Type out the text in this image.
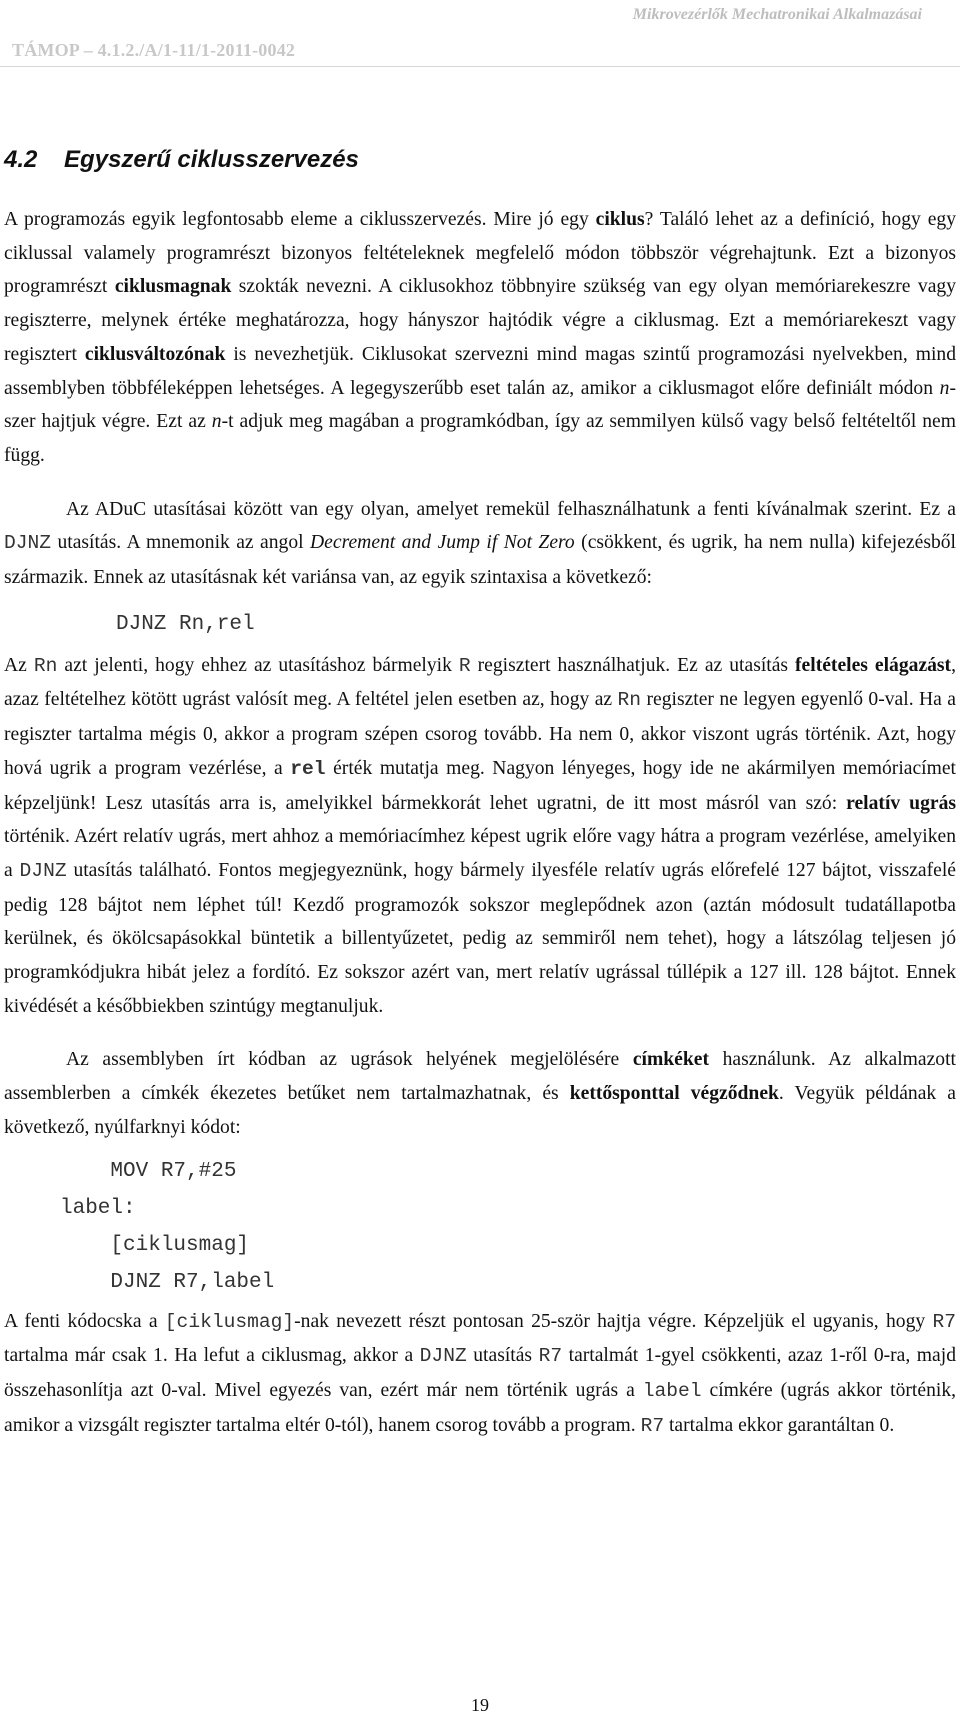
Mikrovezérlők Mechatronikai Alkalmazásai
TÁMOP – 4.1.2./A/1-11/1-2011-0042
4.2 Egyszerű ciklusszervezés

A programozás egyik legfontosabb eleme a ciklusszervezés. Mire jó egy ciklus? Találó lehet az a definíció, hogy egy ciklussal valamely programrészt bizonyos feltételeknek megfelelő módon többször végrehajtunk. Ezt a bizonyos programrészt ciklusmagnak szokták nevezni. A ciklusokhoz többnyire szükség van egy olyan memóriarekeszre vagy regiszterre, melynek értéke meghatározza, hogy hányszor hajtódik végre a ciklusmag. Ezt a memóriarekeszt vagy regisztert ciklusváltozónak is nevezhetjük. Ciklusokat szervezni mind magas szintű programozási nyelvekben, mind assemblyben többféleképpen lehetséges. A legegyszerűbb eset talán az, amikor a ciklusmagot előre definiált módon n-szer hajtjuk végre. Ezt az n-t adjuk meg magában a programkódban, így az semmilyen külső vagy belső feltételtől nem függ.

Az ADuC utasításai között van egy olyan, amelyet remekül felhasználhatunk a fenti kívánalmak szerint. Ez a DJNZ utasítás. A mnemonik az angol Decrement and Jump if Not Zero (csökkent, és ugrik, ha nem nulla) kifejezésből származik. Ennek az utasításnak két variánsa van, az egyik szintaxisa a következő:

DJNZ Rn,rel

Az Rn azt jelenti, hogy ehhez az utasításhoz bármelyik R regisztert használhatjuk. Ez az utasítás feltételes elágazást, azaz feltételhez kötött ugrást valósít meg. A feltétel jelen esetben az, hogy az Rn regiszter ne legyen egyenlő 0-val. Ha a regiszter tartalma mégis 0, akkor a program szépen csorog tovább. Ha nem 0, akkor viszont ugrás történik. Azt, hogy hová ugrik a program vezérlése, a rel érték mutatja meg. Nagyon lényeges, hogy ide ne akármilyen memóriacímet képzeljünk! Lesz utasítás arra is, amelyikkel bármekkorát lehet ugratni, de itt most másról van szó: relatív ugrás történik. Azért relatív ugrás, mert ahhoz a memóriacímhez képest ugrik előre vagy hátra a program vezérlése, amelyiken a DJNZ utasítás található. Fontos megjegyeznünk, hogy bármely ilyesféle relatív ugrás előrefelé 127 bájtot, visszafelé pedig 128 bájtot nem léphet túl! Kezdő programozók sokszor meglepődnek azon (aztán módosult tudatállapotba kerülnek, és ökölcsapásokkal büntetik a billentyűzetet, pedig az semmiről nem tehet), hogy a látszólag teljesen jó programkódjukra hibát jelez a fordító. Ez sokszor azért van, mert relatív ugrással túllépik a 127 ill. 128 bájtot. Ennek kivédését a későbbiekben szintúgy megtanuljuk.

Az assemblyben írt kódban az ugrások helyének megjelölésére címkéket használunk. Az alkalmazott assemblerben a címkék ékezetes betűket nem tartalmazhatnak, és kettősponttal végződnek. Vegyük példának a következő, nyúlfarknyi kódot:

MOV R7,#25
label:
[ciklusmag]
DJNZ R7,label

A fenti kódocska a [ciklusmag]-nak nevezett részt pontosan 25-ször hajtja végre. Képzeljük el ugyanis, hogy R7 tartalma már csak 1. Ha lefut a ciklusmag, akkor a DJNZ utasítás R7 tartalmát 1-gyel csökkenti, azaz 1-ről 0-ra, majd összehasonlítja azt 0-val. Mivel egyezés van, ezért már nem történik ugrás a label címkére (ugrás akkor történik, amikor a vizsgált regiszter tartalma eltér 0-tól), hanem csorog tovább a program. R7 tartalma ekkor garantáltan 0.

19
